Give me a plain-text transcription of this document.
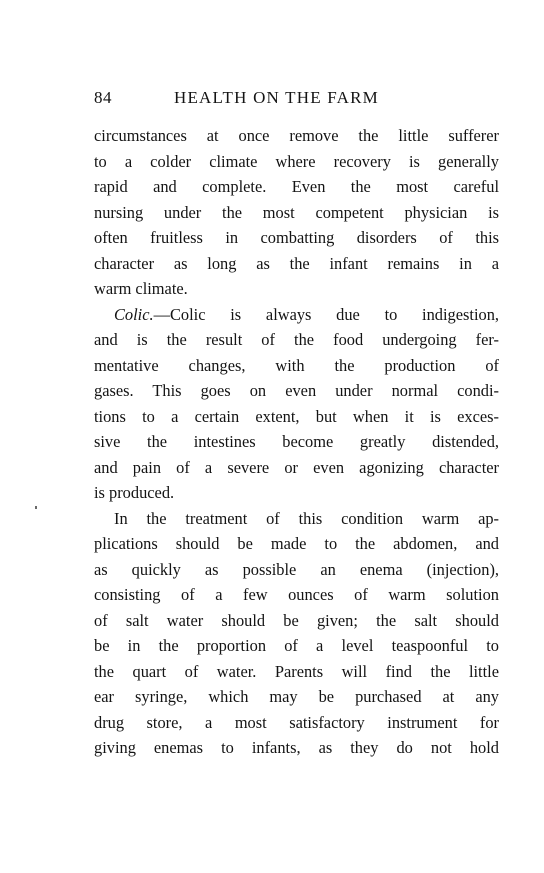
84	HEALTH ON THE FARM
circumstances at once remove the little sufferer
to a colder climate where recovery is generally
rapid and complete. Even the most careful
nursing under the most competent physician is
often fruitless in combatting disorders of this
character as long as the infant remains in a
warm climate.
Colic.—Colic is always due to indigestion,
and is the result of the food undergoing fer-
mentative changes, with the production of
gases. This goes on even under normal condi-
tions to a certain extent, but when it is exces-
sive the intestines become greatly distended,
and pain of a severe or even agonizing character
is produced.
In the treatment of this condition warm ap-
plications should be made to the abdomen, and
as quickly as possible an enema (injection),
consisting of a few ounces of warm solution
of salt water should be given; the salt should
be in the proportion of a level teaspoonful to
the quart of water. Parents will find the little
ear syringe, which may be purchased at any
drug store, a most satisfactory instrument for
giving enemas to infants, as they do not hold
